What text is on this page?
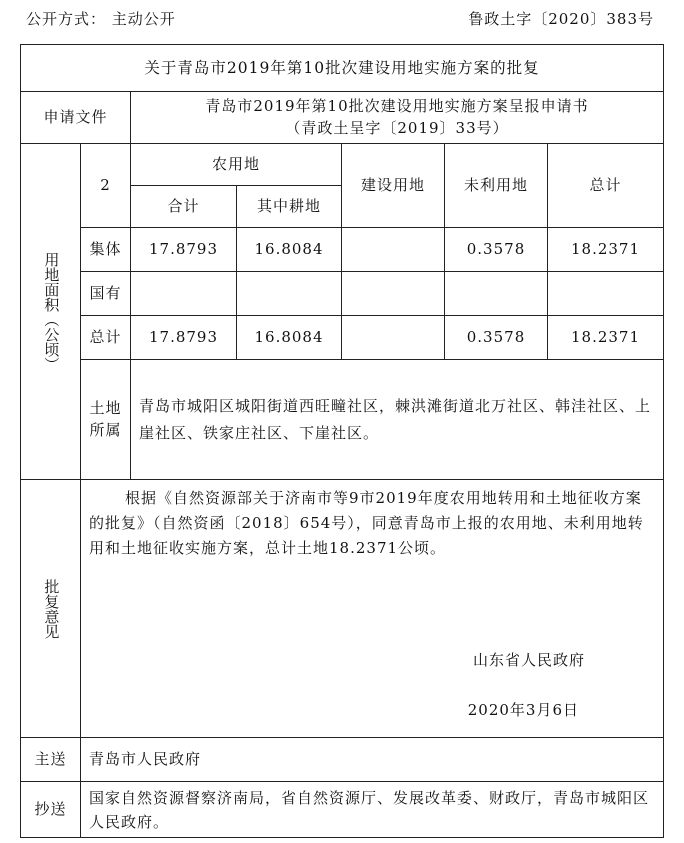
公开方式： 主动公开	鲁政土字〔2020〕383号
关于青岛市2019年第10批次建设用地实施方案的批复						
申请文件		青岛市2019年第10批次建设用地实施方案呈报申请书
（青政土呈字〔2019〕33号）				

用地面积（公顷）	2	农用地		建设用地	未利用地	总计
		合计	其中耕地			
	集体	17.8793	16.8084		0.3578	18.2371
	国有					
	总计	17.8793	16.8084		0.3578	18.2371

	土地
所属	青岛市城阳区城阳街道西旺疃社区，棘洪滩街道北万社区、韩洼社区、上崖社区、铁家庄社区、下崖社区。				

批复意见	根据《自然资源部关于济南市等9市2019年度农用地转用和土地征收方案的批复》（自然资函〔2018〕654号），同意青岛市上报的农用地、未利用地转用和土地征收实施方案，总计土地18.2371公顷。

山东省人民政府
2020年3月6日					

主送	青岛市人民政府					
抄送	国家自然资源督察济南局，省自然资源厅、发展改革委、财政厅，青岛市城阳区人民政府。					
